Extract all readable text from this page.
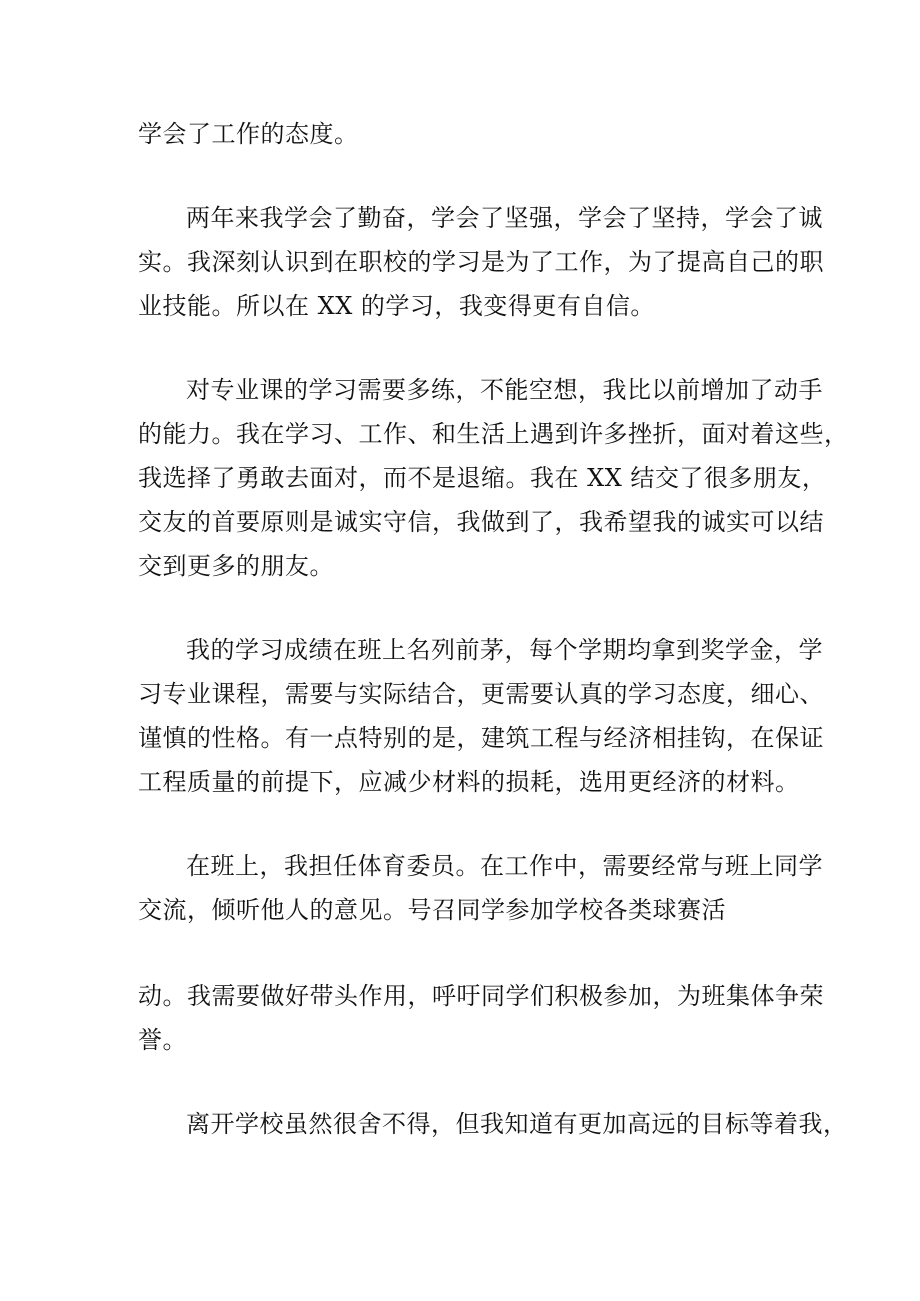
学会了工作的态度。
两年来我学会了勤奋，学会了坚强，学会了坚持，学会了诚
实。我深刻认识到在职校的学习是为了工作，为了提高自己的职
业技能。所以在 XX 的学习，我变得更有自信。
对专业课的学习需要多练，不能空想，我比以前增加了动手
的能力。我在学习、工作、和生活上遇到许多挫折，面对着这些，
我选择了勇敢去面对，而不是退缩。我在 XX 结交了很多朋友，
交友的首要原则是诚实守信，我做到了，我希望我的诚实可以结
交到更多的朋友。
我的学习成绩在班上名列前茅，每个学期均拿到奖学金，学
习专业课程，需要与实际结合，更需要认真的学习态度，细心、
谨慎的性格。有一点特别的是，建筑工程与经济相挂钩，在保证
工程质量的前提下，应减少材料的损耗，选用更经济的材料。
在班上，我担任体育委员。在工作中，需要经常与班上同学
交流，倾听他人的意见。号召同学参加学校各类球赛活
动。我需要做好带头作用，呼吁同学们积极参加，为班集体争荣
誉。
离开学校虽然很舍不得，但我知道有更加高远的目标等着我，
